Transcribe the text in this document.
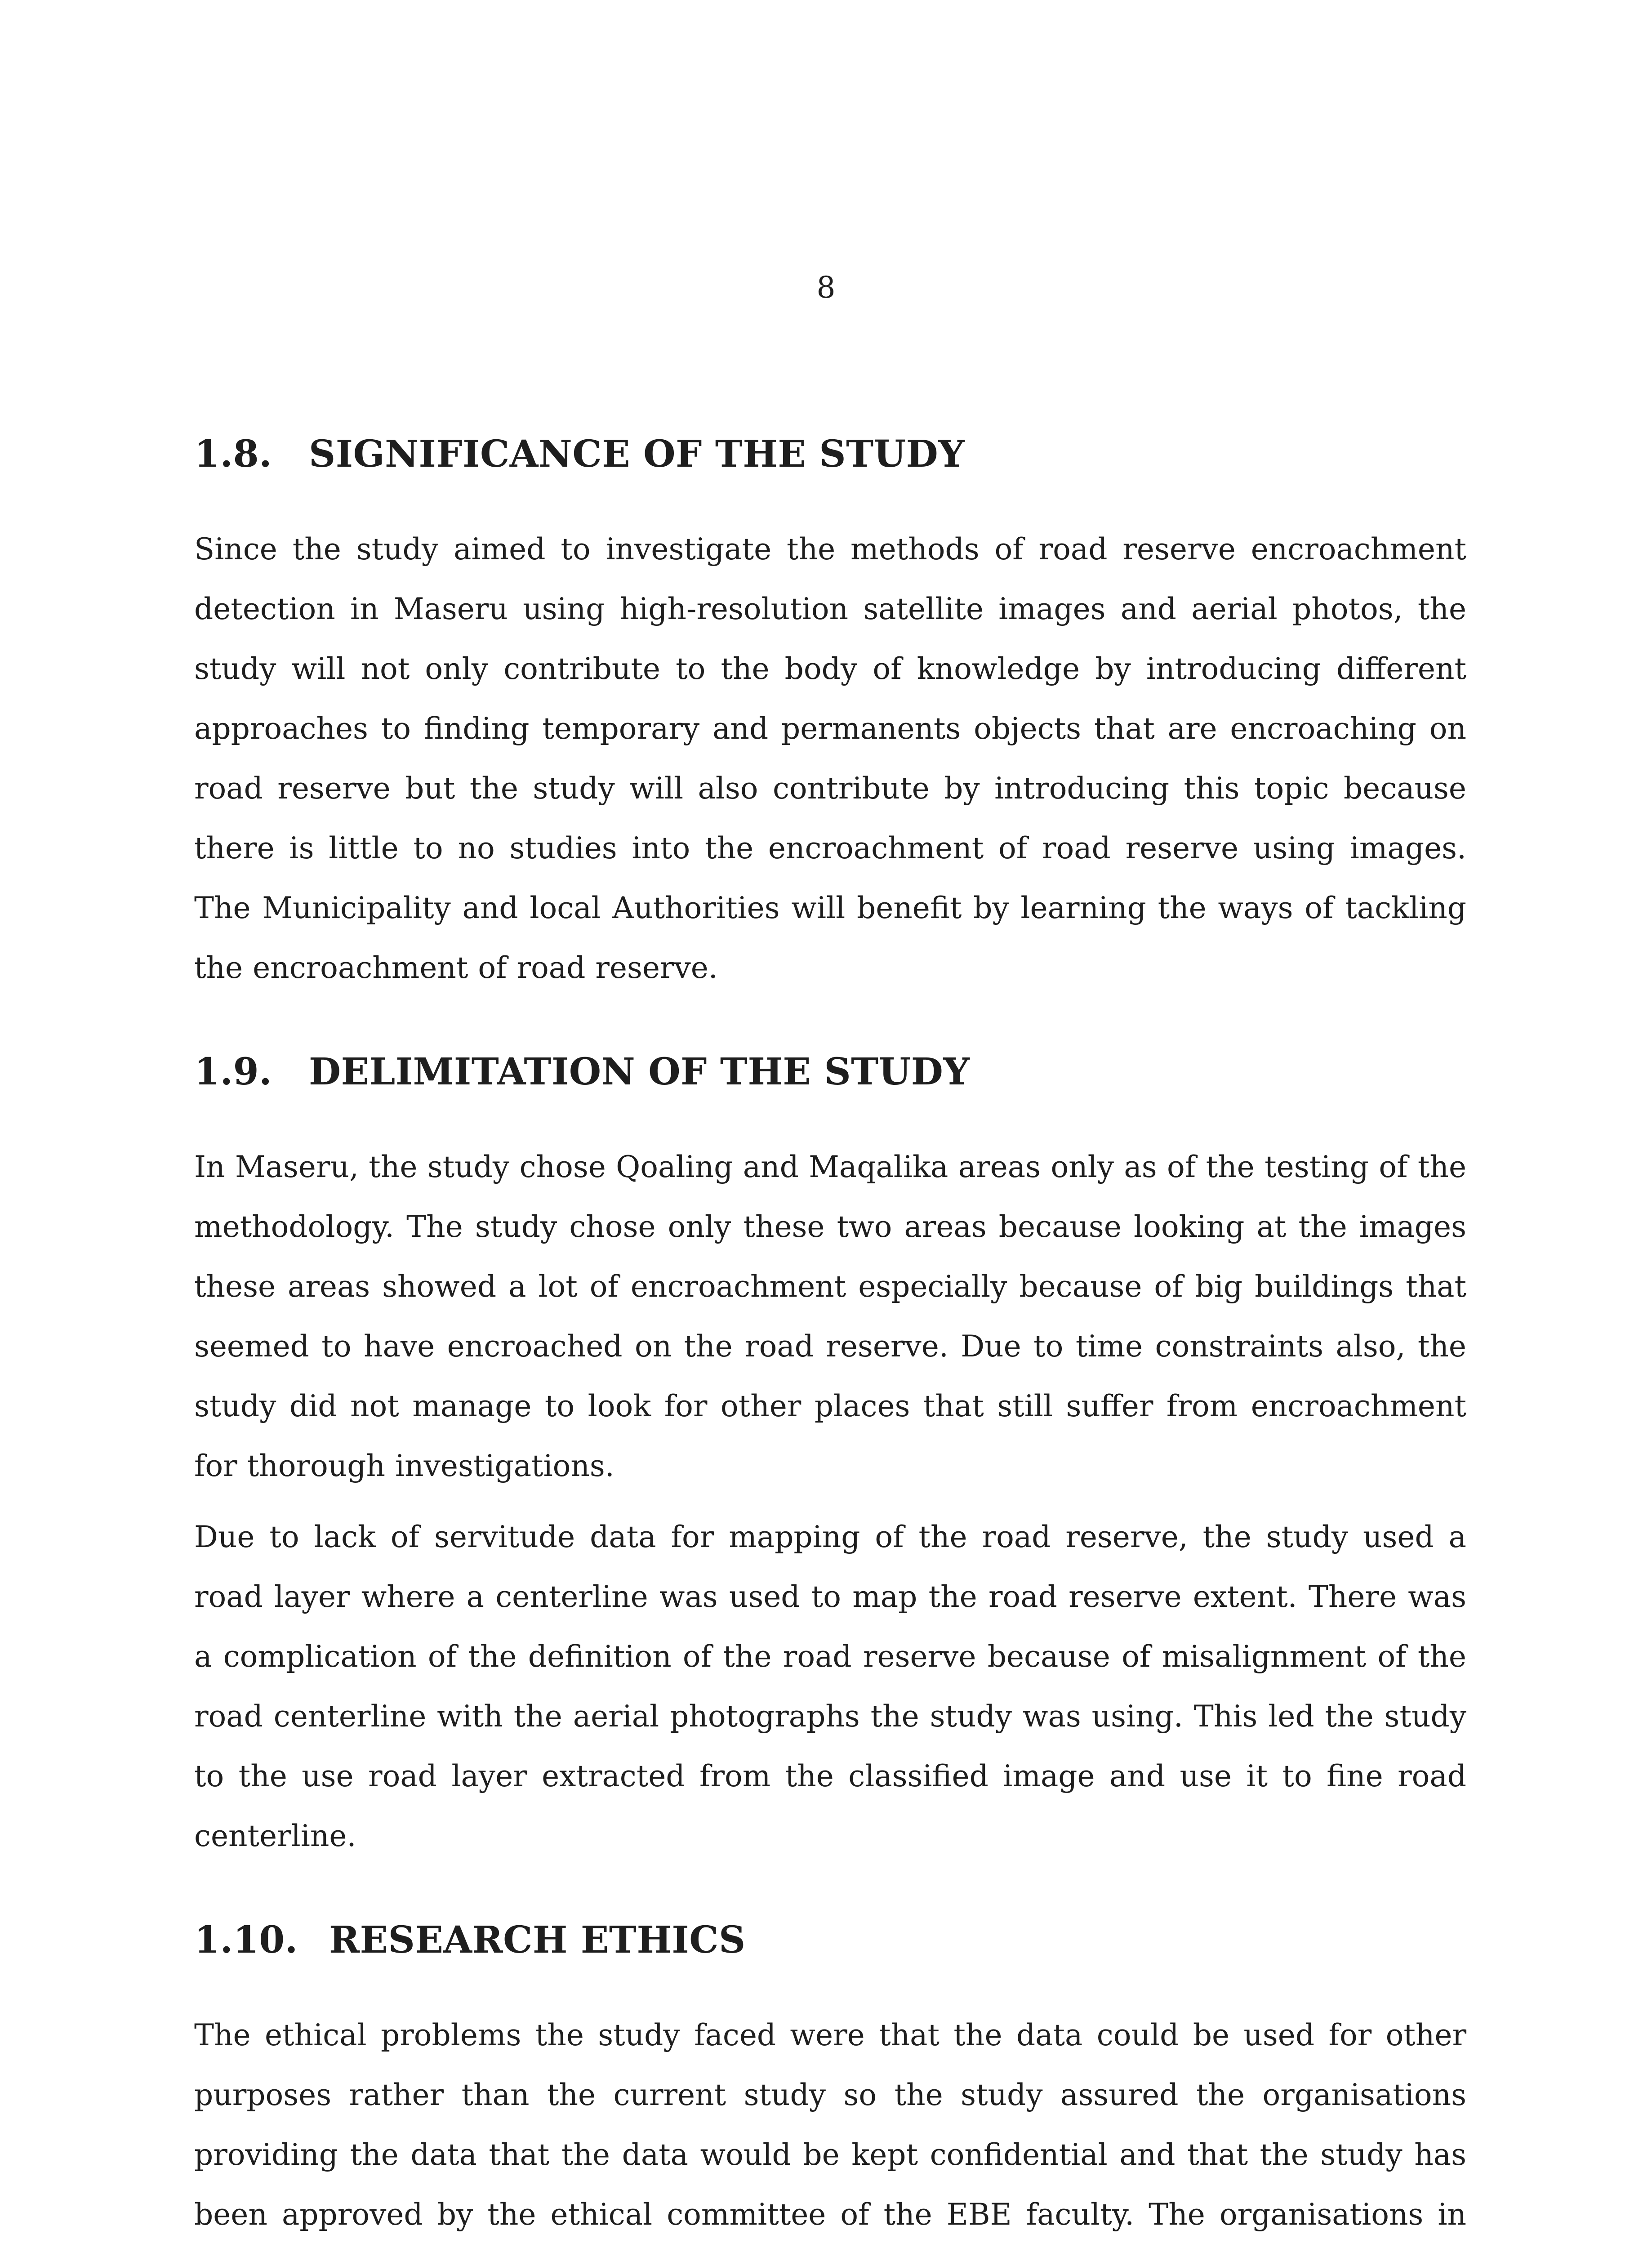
8
1.8. SIGNIFICANCE OF THE STUDY

Since the study aimed to investigate the methods of road reserve encroachment detection in Maseru using high-resolution satellite images and aerial photos, the study will not only contribute to the body of knowledge by introducing different approaches to finding temporary and permanents objects that are encroaching on road reserve but the study will also contribute by introducing this topic because there is little to no studies into the encroachment of road reserve using images. The Municipality and local Authorities will benefit by learning the ways of tackling the encroachment of road reserve.

1.9. DELIMITATION OF THE STUDY

In Maseru, the study chose Qoaling and Maqalika areas only as of the testing of the methodology. The study chose only these two areas because looking at the images these areas showed a lot of encroachment especially because of big buildings that seemed to have encroached on the road reserve. Due to time constraints also, the study did not manage to look for other places that still suffer from encroachment for thorough investigations.

Due to lack of servitude data for mapping of the road reserve, the study used a road layer where a centerline was used to map the road reserve extent. There was a complication of the definition of the road reserve because of misalignment of the road centerline with the aerial photographs the study was using. This led the study to the use road layer extracted from the classified image and use it to fine road centerline.

1.10. RESEARCH ETHICS

The ethical problems the study faced were that the data could be used for other purposes rather than the current study so the study assured the organisations providing the data that the data would be kept confidential and that the study has been approved by the ethical committee of the EBE faculty. The organisations in
